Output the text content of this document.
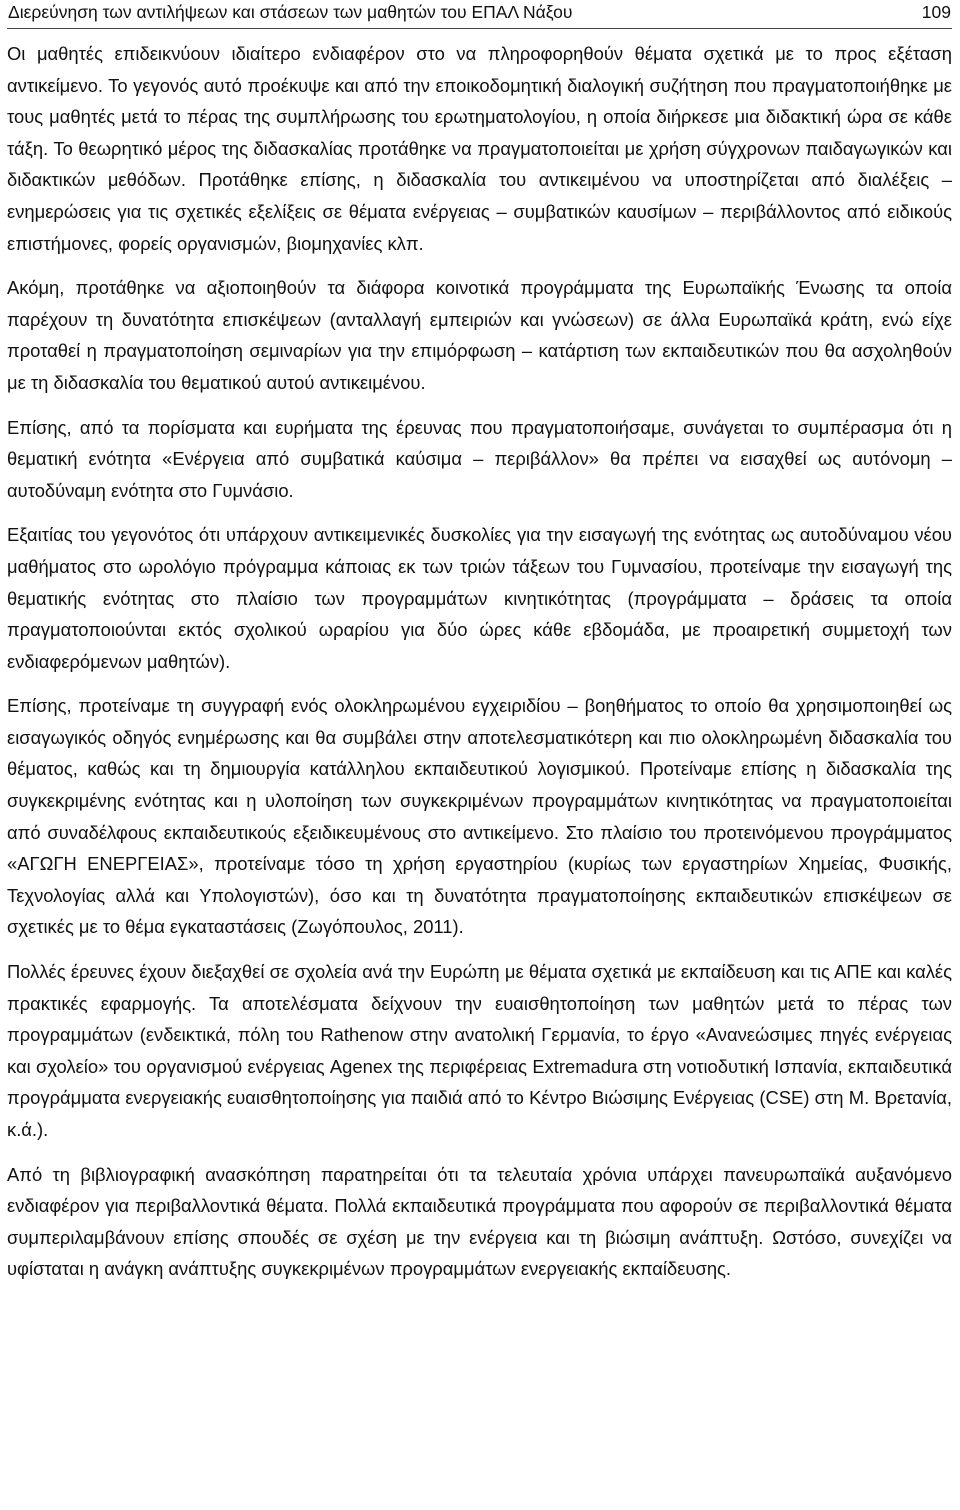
Διερεύνηση των αντιλήψεων και στάσεων των μαθητών του ΕΠΑΛ Νάξου	109

Οι μαθητές επιδεικνύουν ιδιαίτερο ενδιαφέρον στο να πληροφορηθούν θέματα σχετικά με το προς εξέταση αντικείμενο. Το γεγονός αυτό προέκυψε και από την εποικοδομητική διαλογική συζήτηση που πραγματοποιήθηκε με τους μαθητές μετά το πέρας της συμπλήρωσης του ερωτηματολογίου, η οποία διήρκεσε μια διδακτική ώρα σε κάθε τάξη. Το θεωρητικό μέρος της διδασκαλίας προτάθηκε να πραγματοποιείται με χρήση σύγχρονων παιδαγωγικών και διδακτικών μεθόδων. Προτάθηκε επίσης, η διδασκαλία του αντικειμένου να υποστηρίζεται από διαλέξεις – ενημερώσεις για τις σχετικές εξελίξεις σε θέματα ενέργειας – συμβατικών καυσίμων – περιβάλλοντος από ειδικούς επιστήμονες, φορείς οργανισμών, βιομηχανίες κλπ.

Ακόμη, προτάθηκε να αξιοποιηθούν τα διάφορα κοινοτικά προγράμματα της Ευρωπαϊκής Ένωσης τα οποία παρέχουν τη δυνατότητα επισκέψεων (ανταλλαγή εμπειριών και γνώσεων) σε άλλα Ευρωπαϊκά κράτη, ενώ είχε προταθεί η πραγματοποίηση σεμιναρίων για την επιμόρφωση – κατάρτιση των εκπαιδευτικών που θα ασχοληθούν με τη διδασκαλία του θεματικού αυτού αντικειμένου.

Επίσης, από τα πορίσματα και ευρήματα της έρευνας που πραγματοποιήσαμε, συνάγεται το συμπέρασμα ότι η θεματική ενότητα «Ενέργεια από συμβατικά καύσιμα – περιβάλλον» θα πρέπει να εισαχθεί ως αυτόνομη – αυτοδύναμη ενότητα στο Γυμνάσιο.

Εξαιτίας του γεγονότος ότι υπάρχουν αντικειμενικές δυσκολίες για την εισαγωγή της ενότητας ως αυτοδύναμου νέου μαθήματος στο ωρολόγιο πρόγραμμα κάποιας εκ των τριών τάξεων του Γυμνασίου, προτείναμε την εισαγωγή της θεματικής ενότητας στο πλαίσιο των προγραμμάτων κινητικότητας (προγράμματα – δράσεις τα οποία πραγματοποιούνται εκτός σχολικού ωραρίου για δύο ώρες κάθε εβδομάδα, με προαιρετική συμμετοχή των ενδιαφερόμενων μαθητών).

Επίσης, προτείναμε τη συγγραφή ενός ολοκληρωμένου εγχειριδίου – βοηθήματος το οποίο θα χρησιμοποιηθεί ως εισαγωγικός οδηγός ενημέρωσης και θα συμβάλει στην αποτελεσματικότερη και πιο ολοκληρωμένη διδασκαλία του θέματος, καθώς και τη δημιουργία κατάλληλου εκπαιδευτικού λογισμικού. Προτείναμε επίσης η διδασκαλία της συγκεκριμένης ενότητας και η υλοποίηση των συγκεκριμένων προγραμμάτων κινητικότητας να πραγματοποιείται από συναδέλφους εκπαιδευτικούς εξειδικευμένους στο αντικείμενο. Στο πλαίσιο του προτεινόμενου προγράμματος «ΑΓΩΓΗ ΕΝΕΡΓΕΙΑΣ», προτείναμε τόσο τη χρήση εργαστηρίου (κυρίως των εργαστηρίων Χημείας, Φυσικής, Τεχνολογίας αλλά και Υπολογιστών), όσο και τη δυνατότητα πραγματοποίησης εκπαιδευτικών επισκέψεων σε σχετικές με το θέμα εγκαταστάσεις (Ζωγόπουλος, 2011).

Πολλές έρευνες έχουν διεξαχθεί σε σχολεία ανά την Ευρώπη με θέματα σχετικά με εκπαίδευση και τις ΑΠΕ και καλές πρακτικές εφαρμογής. Τα αποτελέσματα δείχνουν την ευαισθητοποίηση των μαθητών μετά το πέρας των προγραμμάτων (ενδεικτικά, πόλη του Rathenow στην ανατολική Γερμανία, το έργο «Ανανεώσιμες πηγές ενέργειας και σχολείο» του οργανισμού ενέργειας Agenex της περιφέρειας Extremadura στη νοτιοδυτική Ισπανία, εκπαιδευτικά προγράμματα ενεργειακής ευαισθητοποίησης για παιδιά από το Κέντρο Βιώσιμης Ενέργειας (CSE) στη Μ. Βρετανία, κ.ά.).

Από τη βιβλιογραφική ανασκόπηση παρατηρείται ότι τα τελευταία χρόνια υπάρχει πανευρωπαϊκά αυξανόμενο ενδιαφέρον για περιβαλλοντικά θέματα. Πολλά εκπαιδευτικά προγράμματα που αφορούν σε περιβαλλοντικά θέματα συμπεριλαμβάνουν επίσης σπουδές σε σχέση με την ενέργεια και τη βιώσιμη ανάπτυξη. Ωστόσο, συνεχίζει να υφίσταται η ανάγκη ανάπτυξης συγκεκριμένων προγραμμάτων ενεργειακής εκπαίδευσης.
